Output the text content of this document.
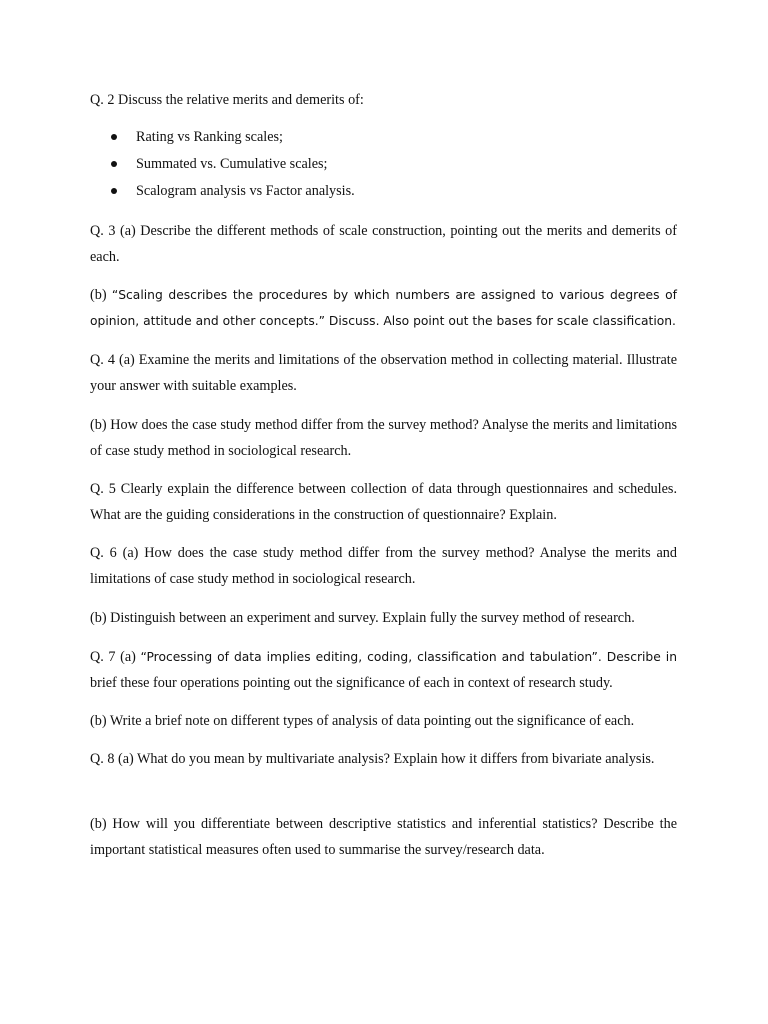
Q. 2 Discuss the relative merits and demerits of:

Rating vs Ranking scales;
Summated vs. Cumulative scales;
Scalogram analysis vs Factor analysis.

Q. 3 (a) Describe the different methods of scale construction, pointing out the merits and demerits of each.

(b) “Scaling describes the procedures by which numbers are assigned to various degrees of opinion, attitude and other concepts.” Discuss. Also point out the bases for scale classification.

Q. 4 (a) Examine the merits and limitations of the observation method in collecting material. Illustrate your answer with suitable examples.

(b) How does the case study method differ from the survey method? Analyse the merits and limitations of case study method in sociological research.

Q. 5 Clearly explain the difference between collection of data through questionnaires and schedules. What are the guiding considerations in the construction of questionnaire? Explain.

Q. 6 (a) How does the case study method differ from the survey method? Analyse the merits and limitations of case study method in sociological research.

(b) Distinguish between an experiment and survey. Explain fully the survey method of research.

Q. 7 (a) “Processing of data implies editing, coding, classification and tabulation”. Describe in
brief these four operations pointing out the significance of each in context of research study.

(b) Write a brief note on different types of analysis of data pointing out the significance of each.

Q. 8 (a) What do you mean by multivariate analysis? Explain how it differs from bivariate analysis.

(b) How will you differentiate between descriptive statistics and inferential statistics? Describe the important statistical measures often used to summarise the survey/research data.
